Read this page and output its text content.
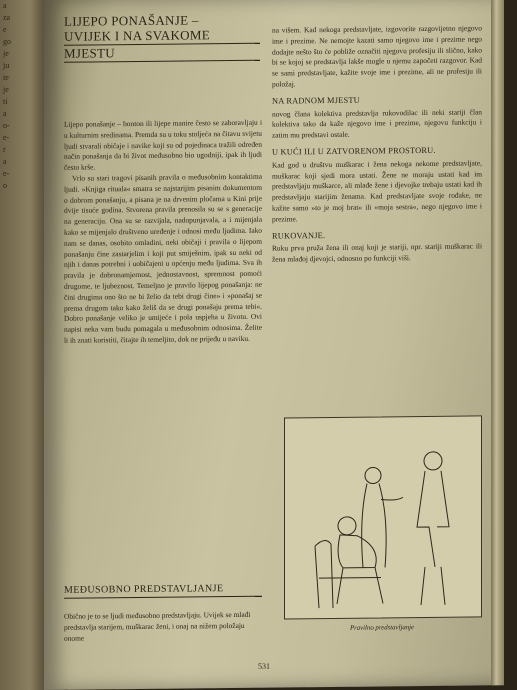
a
za
e
go
je
ju
ie
je
ti
a
o-
e-
r
a
e-
o
LIJEPO PONAŠANJE –
UVIJEK I NA SVAKOME
MJESTU

Lijepo ponašanje – bonton ili lijepe manire često se zaboravljaju i u kulturnim sredinama. Premda su u toku stoljeća na čitavu svijetu ljudi stvarali običaje i navike koji su od pojedinaca tražili određen način ponašanja da bi život međusobno bio ugodniji, ipak ih ljudi često krše.

Vrlo su stari tragovi pisanih pravila o međusobnim kontaktima ljudi. »Knjiga rituala« smatra se najstarijim pisanim dokumentom o dobrom ponašanju, a pisana je na drvenim pločama u Kini prije dvije tisuće godina. Stvorena pravila prenosila su se s generacije na generaciju. Ona su se razvijala, nadopunjavala, a i mijenjala kako se mijenjalo društveno uređenje i odnosi među ljudima. Iako nam se danas, osobito omladini, neki običaji i pravila o lijepom ponašanju čine zastarjelim i koji put smiješnim, ipak su neki od njih i danas potrebni i uobičajeni u općenju među ljudima. Sva ih pravila je dobronamjernost, jednostavnost, spremnost pomoći drugome, te ljubeznost. Temeljno je pravilo lijepog ponašanja: ne čini drugima ono što ne bi želio da tebi drugi čine» i »ponašaj se prema drugom tako kako želiš da se drugi ponašaju prema tebi«. Dobro ponašanje veliko je umijeće i pola uspjeha u životu. Ovi napisi neka vam budu pomagala u međusobnim odnosima. Želite li ih znati koristiti, čitajte ih temeljito, dok ne prijeđu u naviku.

MEĐUSOBNO PREDSTAVLJANJE
Obično je to se ljudi međusobno predstavljaju. Uvijek se mlađi predstavlja starijem, muškarac ženi, i onaj na nižem položaju onome

na višem. Kad nekoga predstavljate, izgovorite razgovijetno njegovo ime i prezime. Ne nemojte kazati samo njegovo ime i prezime nego dodajte nešto što će pobliže označiti njegovu profesiju ili slično, kako bi se kojoj se predstavlja lakše mogle u njemu započeti razgovor. Kad se sami predstavljate, kažite svoje ime i prezime, ali ne profesiju ili položaj.

NA RADNOM MJESTU

novog člana kolektiva predstavlja rukovodilac ili neki stariji član kolektiva tako da kaže njegovo ime i prezime, njegovu funkciju i zatim mu predstavi ostale.

U KUĆI ILI U ZATVORENOM PROSTORU.

Kad god u društvu muškarac i žena nekoga nekome predstavljate, muškarac koji sjedi mora ustati. Žene ne moraju ustati kad im predstavljaju muškarce, ali mlađe žene i djevojke trebaju ustati kad ih predstavljaju starijim ženama. Kad predstavljate svoje rođake, ne kažite samo »to je moj brat« ili »moja sestra«, nego njegovo ime i prezime.

RUKOVANJE.

Ruku prva pruža žena ili onaj koji je stariji, npr. stariji muškarac ili žena mlađoj djevojci, odnosno po funkciji viši.

Pravilno predstavljanje
531
